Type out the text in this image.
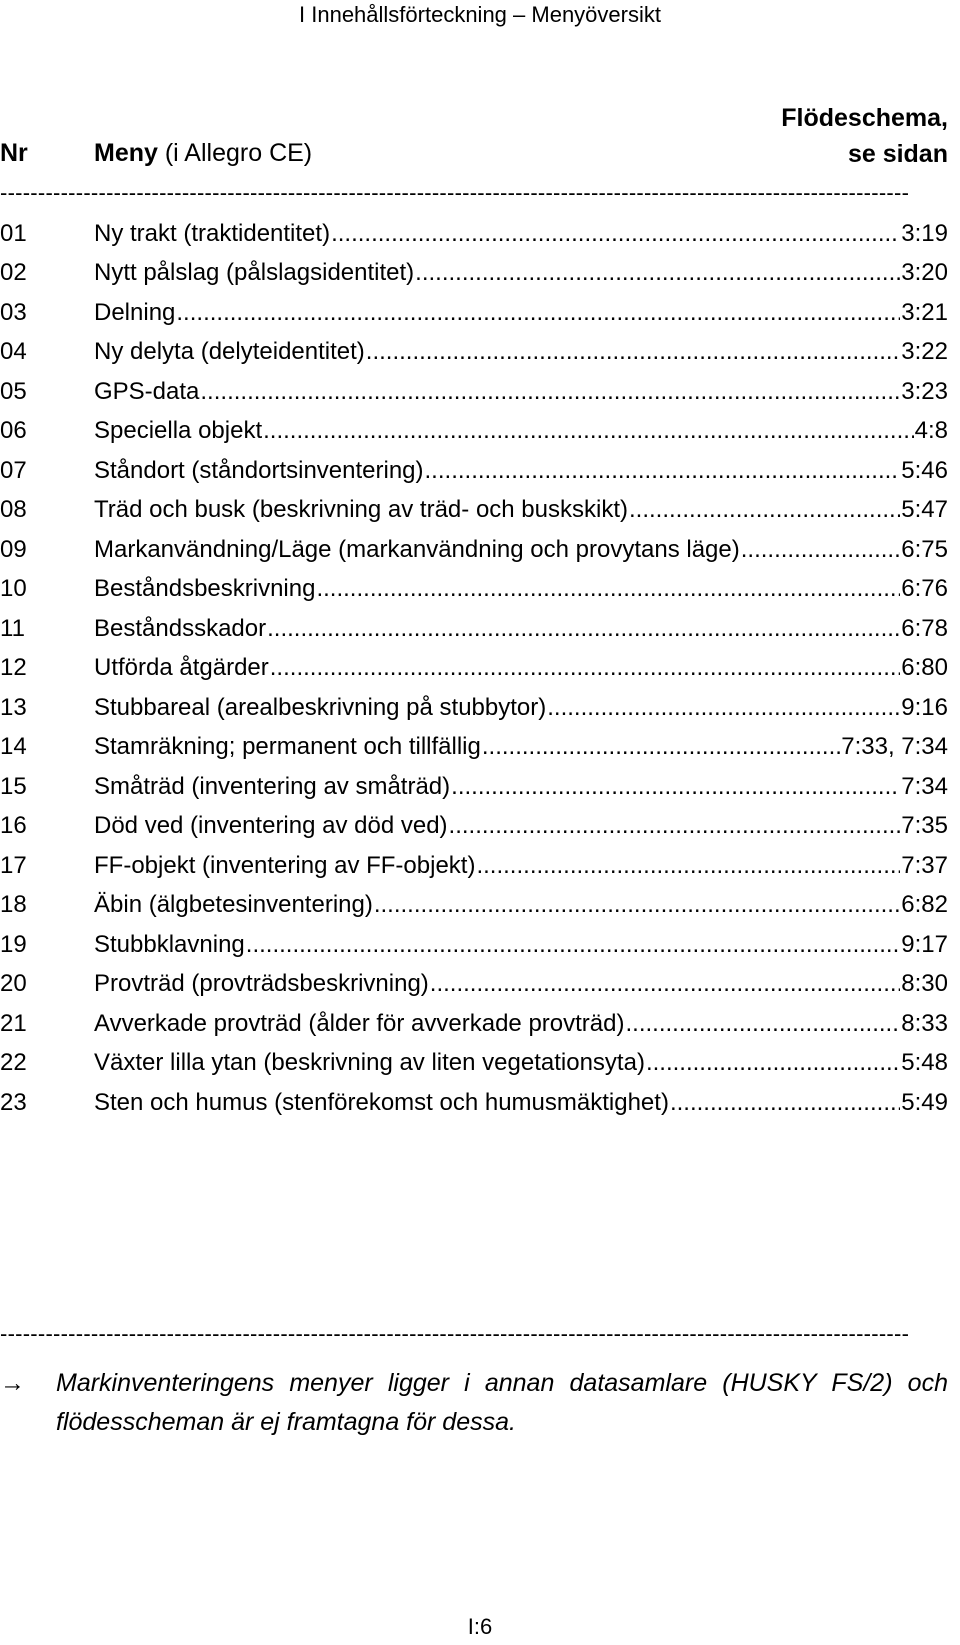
I Innehållsförteckning – Menyöversikt
Nr	Meny (i Allegro CE)
Flödeschema,
se sidan
------------------------------------------------------------------------------------------------------------------------
01	Ny trakt (traktidentitet) .....	3:19
02	Nytt pålslag (pålslagsidentitet) .....	3:20
03	Delning .....	3:21
04	Ny delyta (delyteidentitet) .....	3:22
05	GPS-data .....	3:23
06	Speciella objekt .....	4:8
07	Ståndort (ståndortsinventering) .....	5:46
08	Träd och busk (beskrivning av träd- och buskskikt) .....	5:47
09	Markanvändning/Läge (markanvändning och provytans läge) .....	6:75
10	Beståndsbeskrivning .....	6:76
11	Beståndsskador .....	6:78
12	Utförda åtgärder .....	6:80
13	Stubbareal (arealbeskrivning på stubbytor) .....	9:16
14	Stamräkning; permanent och tillfällig .....	7:33, 7:34
15	Småträd (inventering av småträd) .....	7:34
16	Död ved (inventering av död ved) .....	7:35
17	FF-objekt (inventering av FF-objekt) .....	7:37
18	Äbin (älgbetesinventering) .....	6:82
19	Stubbklavning .....	9:17
20	Provträd (provträdsbeskrivning) .....	8:30
21	Avverkade provträd (ålder för avverkade provträd) .....	8:33
22	Växter lilla ytan (beskrivning av liten vegetationsyta) .....	5:48
23	Sten och humus (stenförekomst och humusmäktighet) .....	5:49
------------------------------------------------------------------------------------------------------------------------
→ Markinventeringens menyer ligger i annan datasamlare (HUSKY FS/2) och flödesscheman är ej framtagna för dessa.
I:6
